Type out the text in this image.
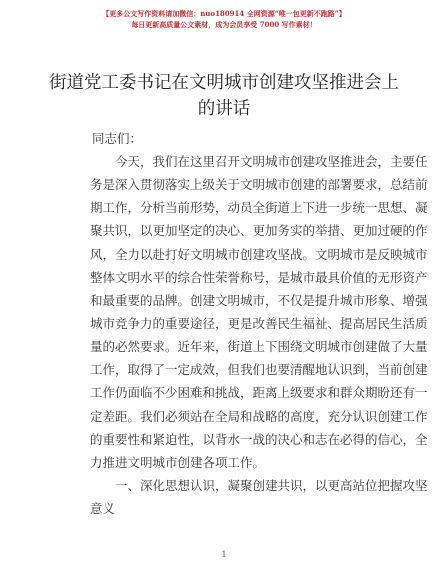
【更多公文写作资料请加微信：nuo180914 全网资源“唯一包更新不跑路”】
每日更新高质量公文素材，成为会员享受 7000 写作素材！
街道党工委书记在文明城市创建攻坚推进会上
的讲话
同志们：
今天，我们在这里召开文明城市创建攻坚推进会，主要任
务是深入贯彻落实上级关于文明城市创建的部署要求，总结前
期工作，分析当前形势，动员全街道上下进一步统一思想、凝
聚共识，以更加坚定的决心、更加务实的举措、更加过硬的作
风，全力以赴打好文明城市创建攻坚战。文明城市是反映城市
整体文明水平的综合性荣誉称号，是城市最具价值的无形资产
和最重要的品牌。创建文明城市，不仅是提升城市形象、增强
城市竞争力的重要途径，更是改善民生福祉、提高居民生活质
量的必然要求。近年来，街道上下围绕文明城市创建做了大量
工作，取得了一定成效，但我们也要清醒地认识到，当前创建
工作仍面临不少困难和挑战，距离上级要求和群众期盼还有一
定差距。我们必须站在全局和战略的高度，充分认识创建工作
的重要性和紧迫性，以背水一战的决心和志在必得的信心，全
力推进文明城市创建各项工作。
一、深化思想认识，凝聚创建共识，以更高站位把握攻坚
意义
1
